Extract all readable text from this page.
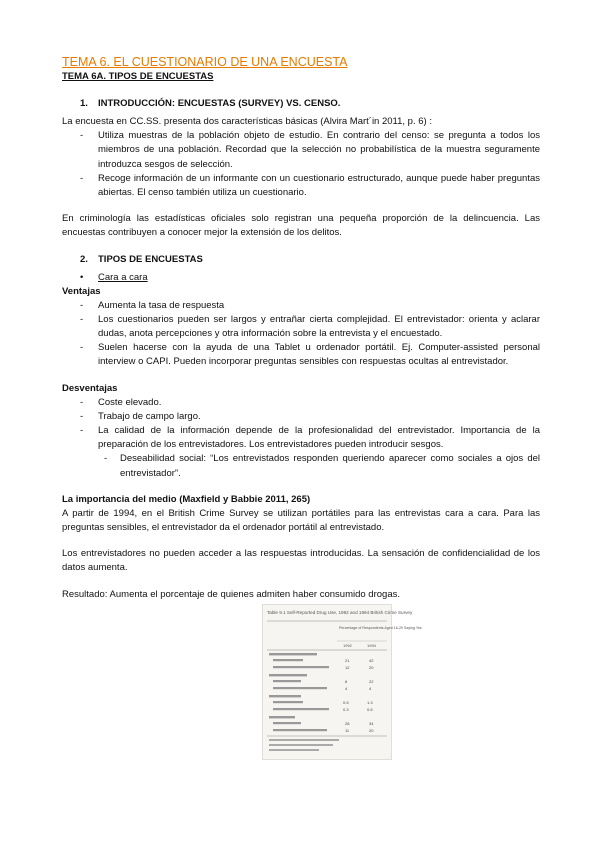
TEMA 6. EL CUESTIONARIO DE UNA ENCUESTA

TEMA 6A. TIPOS DE ENCUESTAS

1. INTRODUCCIÓN: ENCUESTAS (SURVEY) VS. CENSO.

La encuesta en CC.SS. presenta dos características básicas (Alvira Mart´in 2011, p. 6) :

- Utiliza muestras de la población objeto de estudio. En contrario del censo: se pregunta a todos los miembros de una población. Recordad que la selección no probabilística de la muestra seguramente introduzca sesgos de selección.
- Recoge información de un informante con un cuestionario estructurado, aunque puede haber preguntas abiertas. El censo también utiliza un cuestionario.

En criminología las estadísticas oficiales solo registran una pequeña proporción de la delincuencia. Las encuestas contribuyen a conocer mejor la extensión de los delitos.

2. TIPOS DE ENCUESTAS
• Cara a cara
Ventajas
- Aumenta la tasa de respuesta
- Los cuestionarios pueden ser largos y entrañar cierta complejidad. El entrevistador: orienta y aclarar dudas, anota percepciones y otra información sobre la entrevista y el encuestado.
- Suelen hacerse con la ayuda de una Tablet u ordenador portátil. Ej. Computer-assisted personal interview o CAPI. Pueden incorporar preguntas sensibles con respuestas ocultas al entrevistador.
Desventajas
- Coste elevado.
- Trabajo de campo largo.
- La calidad de la información depende de la profesionalidad del entrevistador. Importancia de la preparación de los entrevistadores. Los entrevistadores pueden introducir sesgos.
- Deseabilidad social: “Los entrevistados responden queriendo aparecer como sociales a ojos del entrevistador”.
La importancia del medio (Maxfield y Babbie 2011, 265)

A partir de 1994, en el British Crime Survey se utilizan portátiles para las entrevistas cara a cara. Para las preguntas sensibles, el entrevistador da el ordenador portátil al entrevistado.

Los entrevistadores no pueden acceder a las respuestas introducidas. La sensación de confidencialidad de los datos aumenta.

Resultado: Aumenta el porcentaje de quienes admiten haber consumido drogas.

Table 9.1 Self-Reported Drug Use, 1992 and 1994 British Crime Survey
Percentage of Respondents Aged 16-29 Saying Yes
1992	1994
21	42
12	20
6	22
4	4
0.5	1.3
0.3	0.6
28	34
11	20
